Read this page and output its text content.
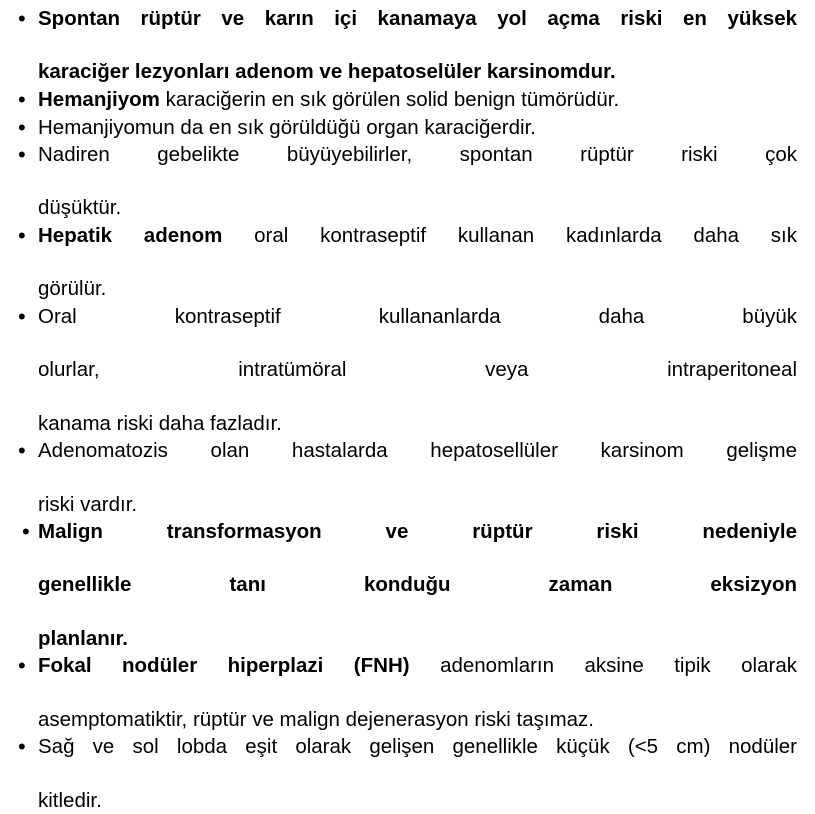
• Spontan rüptür ve karın içi kanamaya yol açma riski en yüksek
karaciğer lezyonları adenom ve hepatoselüler karsinomdur.
• Hemanjiyom karaciğerin en sık görülen solid benign tümörüdür.
• Hemanjiyomun da en sık görüldüğü organ karaciğerdir.
• Nadiren gebelikte büyüyebilirler, spontan rüptür riski çok
düşüktür.
• Hepatik adenom oral kontraseptif kullanan kadınlarda daha sık
görülür.
• Oral kontraseptif kullananlarda daha büyük
olurlar, intratümöral veya intraperitoneal
kanama riski daha fazladır.
• Adenomatozis olan hastalarda hepatosellüler karsinom gelişme
riski vardır.
• Malign transformasyon ve rüptür riski nedeniyle
genellikle tanı konduğu zaman eksizyon
planlanır.
• Fokal nodüler hiperplazi (FNH) adenomların aksine tipik olarak
asemptomatiktir, rüptür ve malign dejenerasyon riski taşımaz.
• Sağ ve sol lobda eşit olarak gelişen genellikle küçük (<5 cm) nodüler
kitledir.
